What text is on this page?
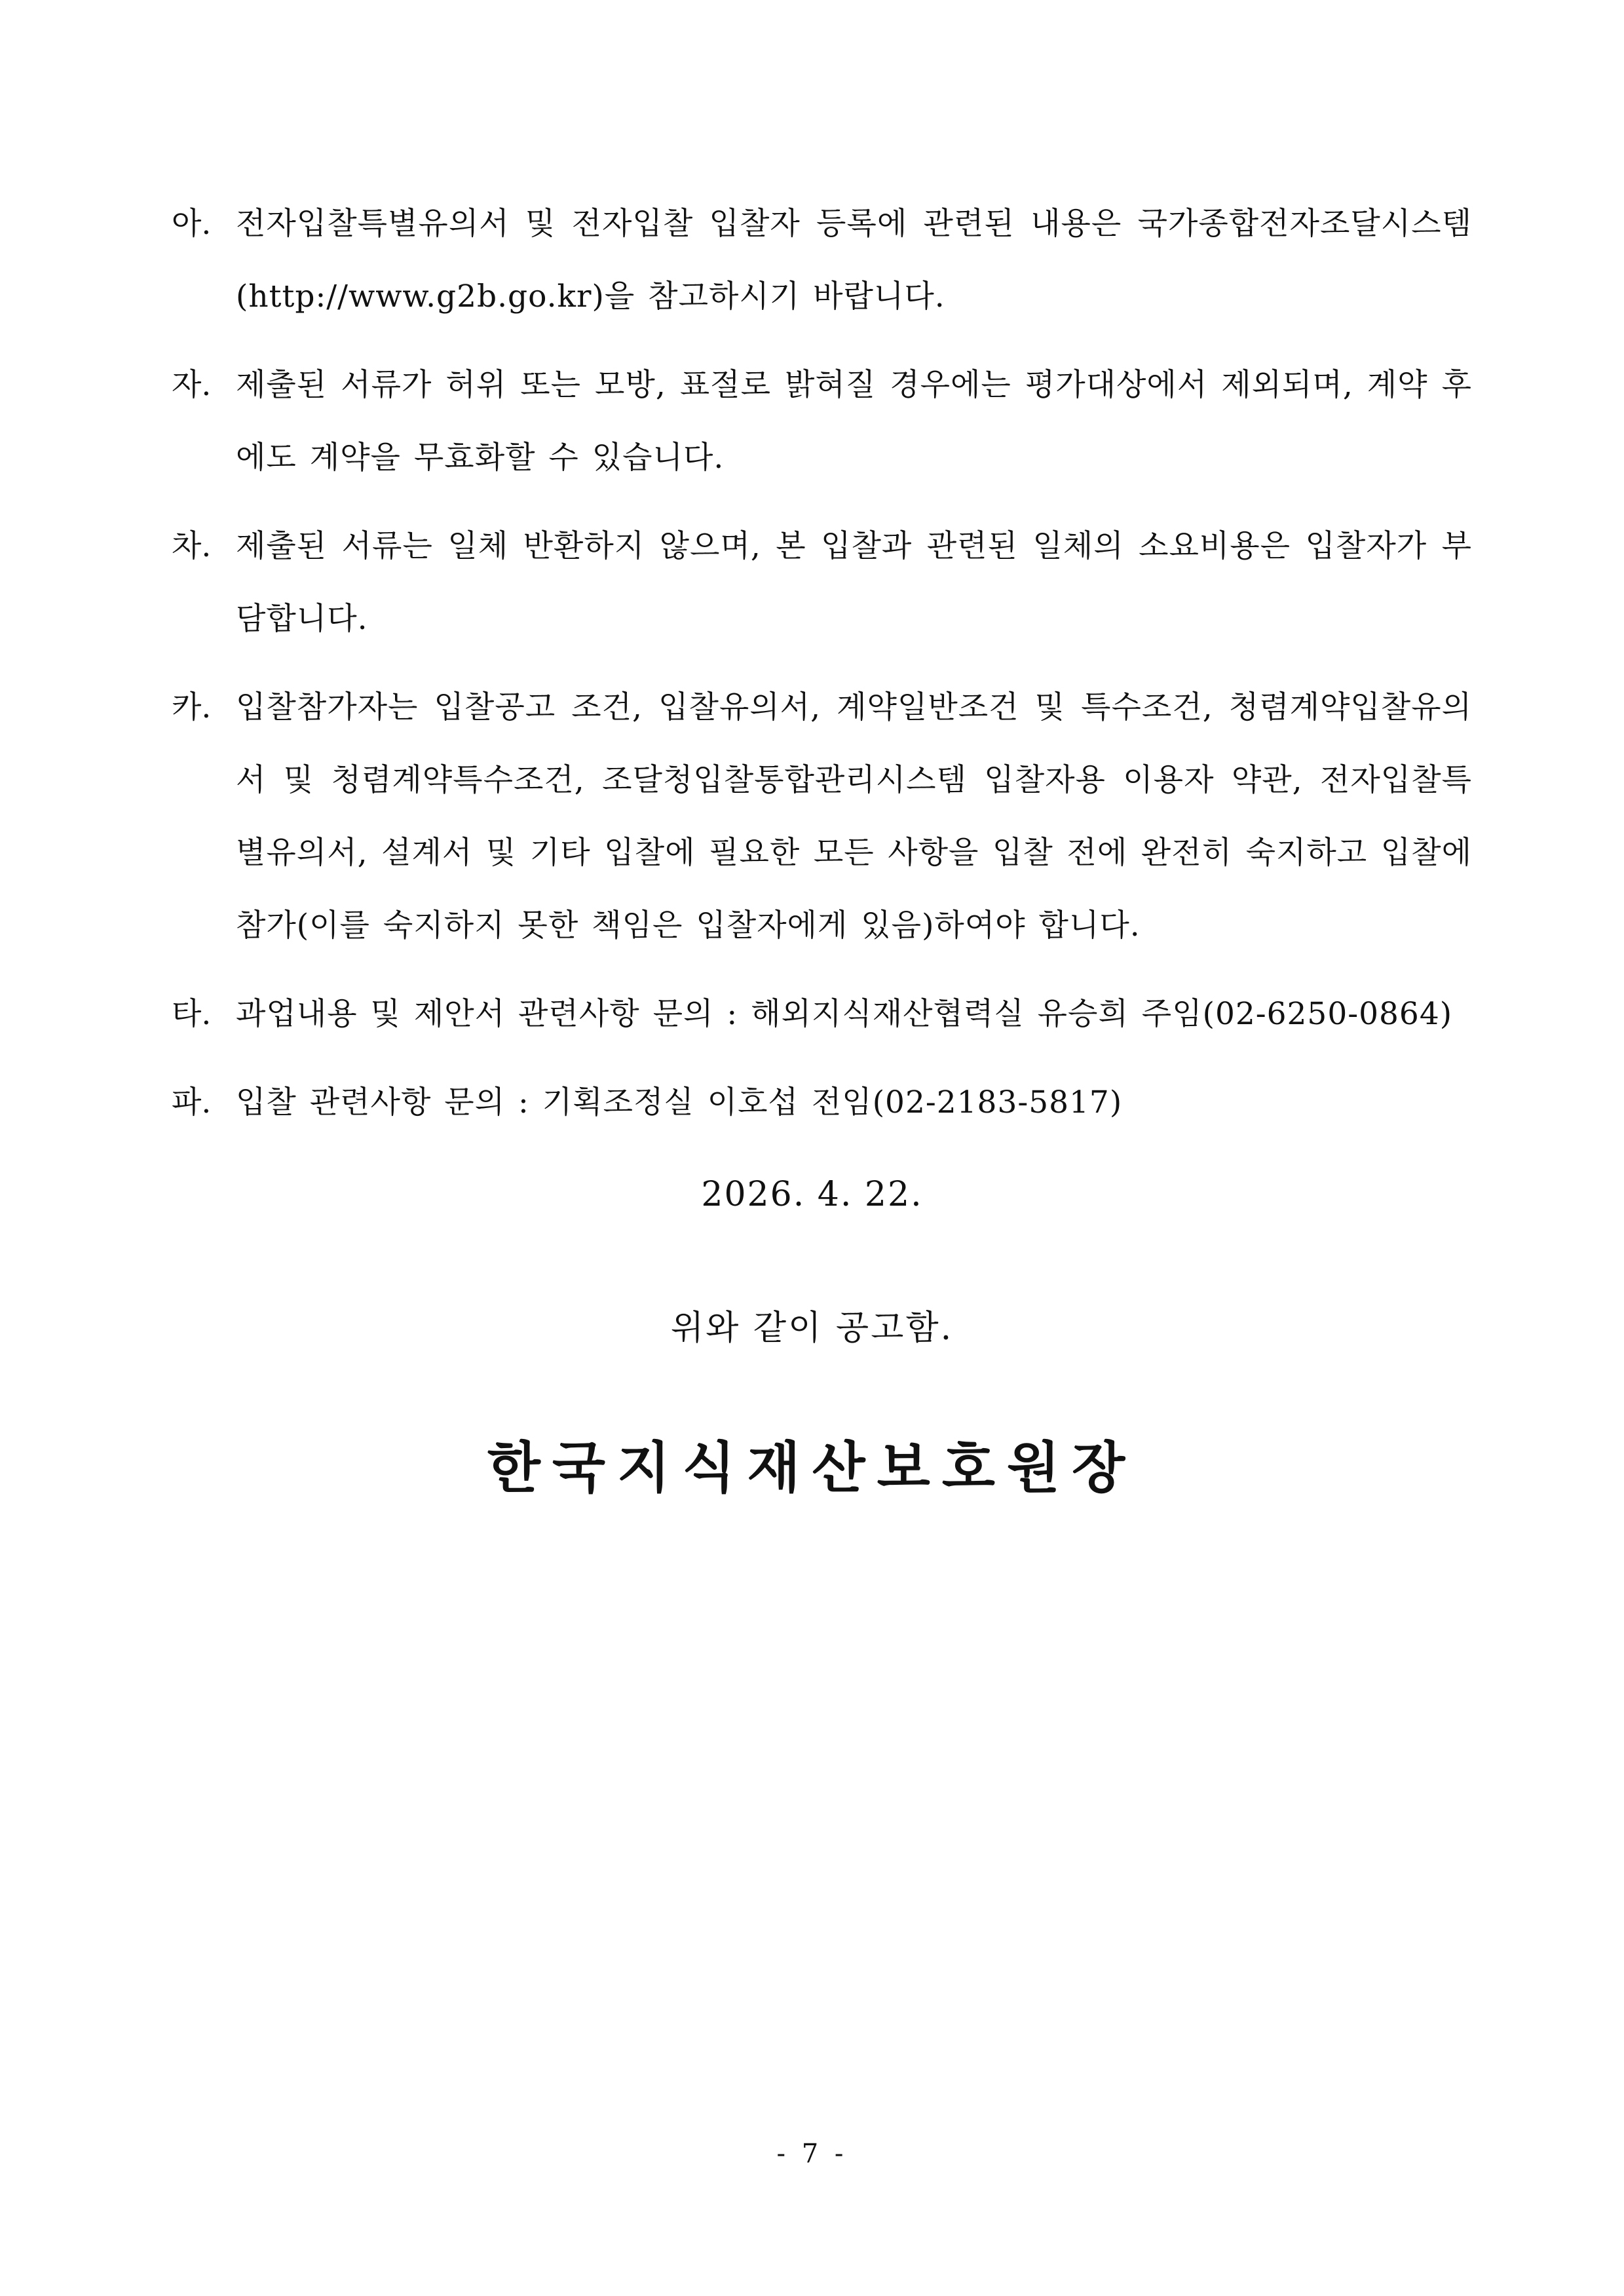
아. 전자입찰특별유의서 및 전자입찰 입찰자 등록에 관련된 내용은 국가종합전자조달시스템(http://www.g2b.go.kr)을 참고하시기 바랍니다.
자. 제출된 서류가 허위 또는 모방, 표절로 밝혀질 경우에는 평가대상에서 제외되며, 계약 후에도 계약을 무효화할 수 있습니다.
차. 제출된 서류는 일체 반환하지 않으며, 본 입찰과 관련된 일체의 소요비용은 입찰자가 부담합니다.
카. 입찰참가자는 입찰공고 조건, 입찰유의서, 계약일반조건 및 특수조건, 청렴계약입찰유의서 및 청렴계약특수조건, 조달청입찰통합관리시스템 입찰자용 이용자 약관, 전자입찰특별유의서, 설계서 및 기타 입찰에 필요한 모든 사항을 입찰 전에 완전히 숙지하고 입찰에 참가(이를 숙지하지 못한 책임은 입찰자에게 있음)하여야 합니다.
타. 과업내용 및 제안서 관련사항 문의 : 해외지식재산협력실 유승희 주임(02-6250-0864)
파. 입찰 관련사항 문의 : 기획조정실 이호섭 전임(02-2183-5817)
2026. 4. 22.
위와 같이 공고함.
한국지식재산보호원장
- 7 -
